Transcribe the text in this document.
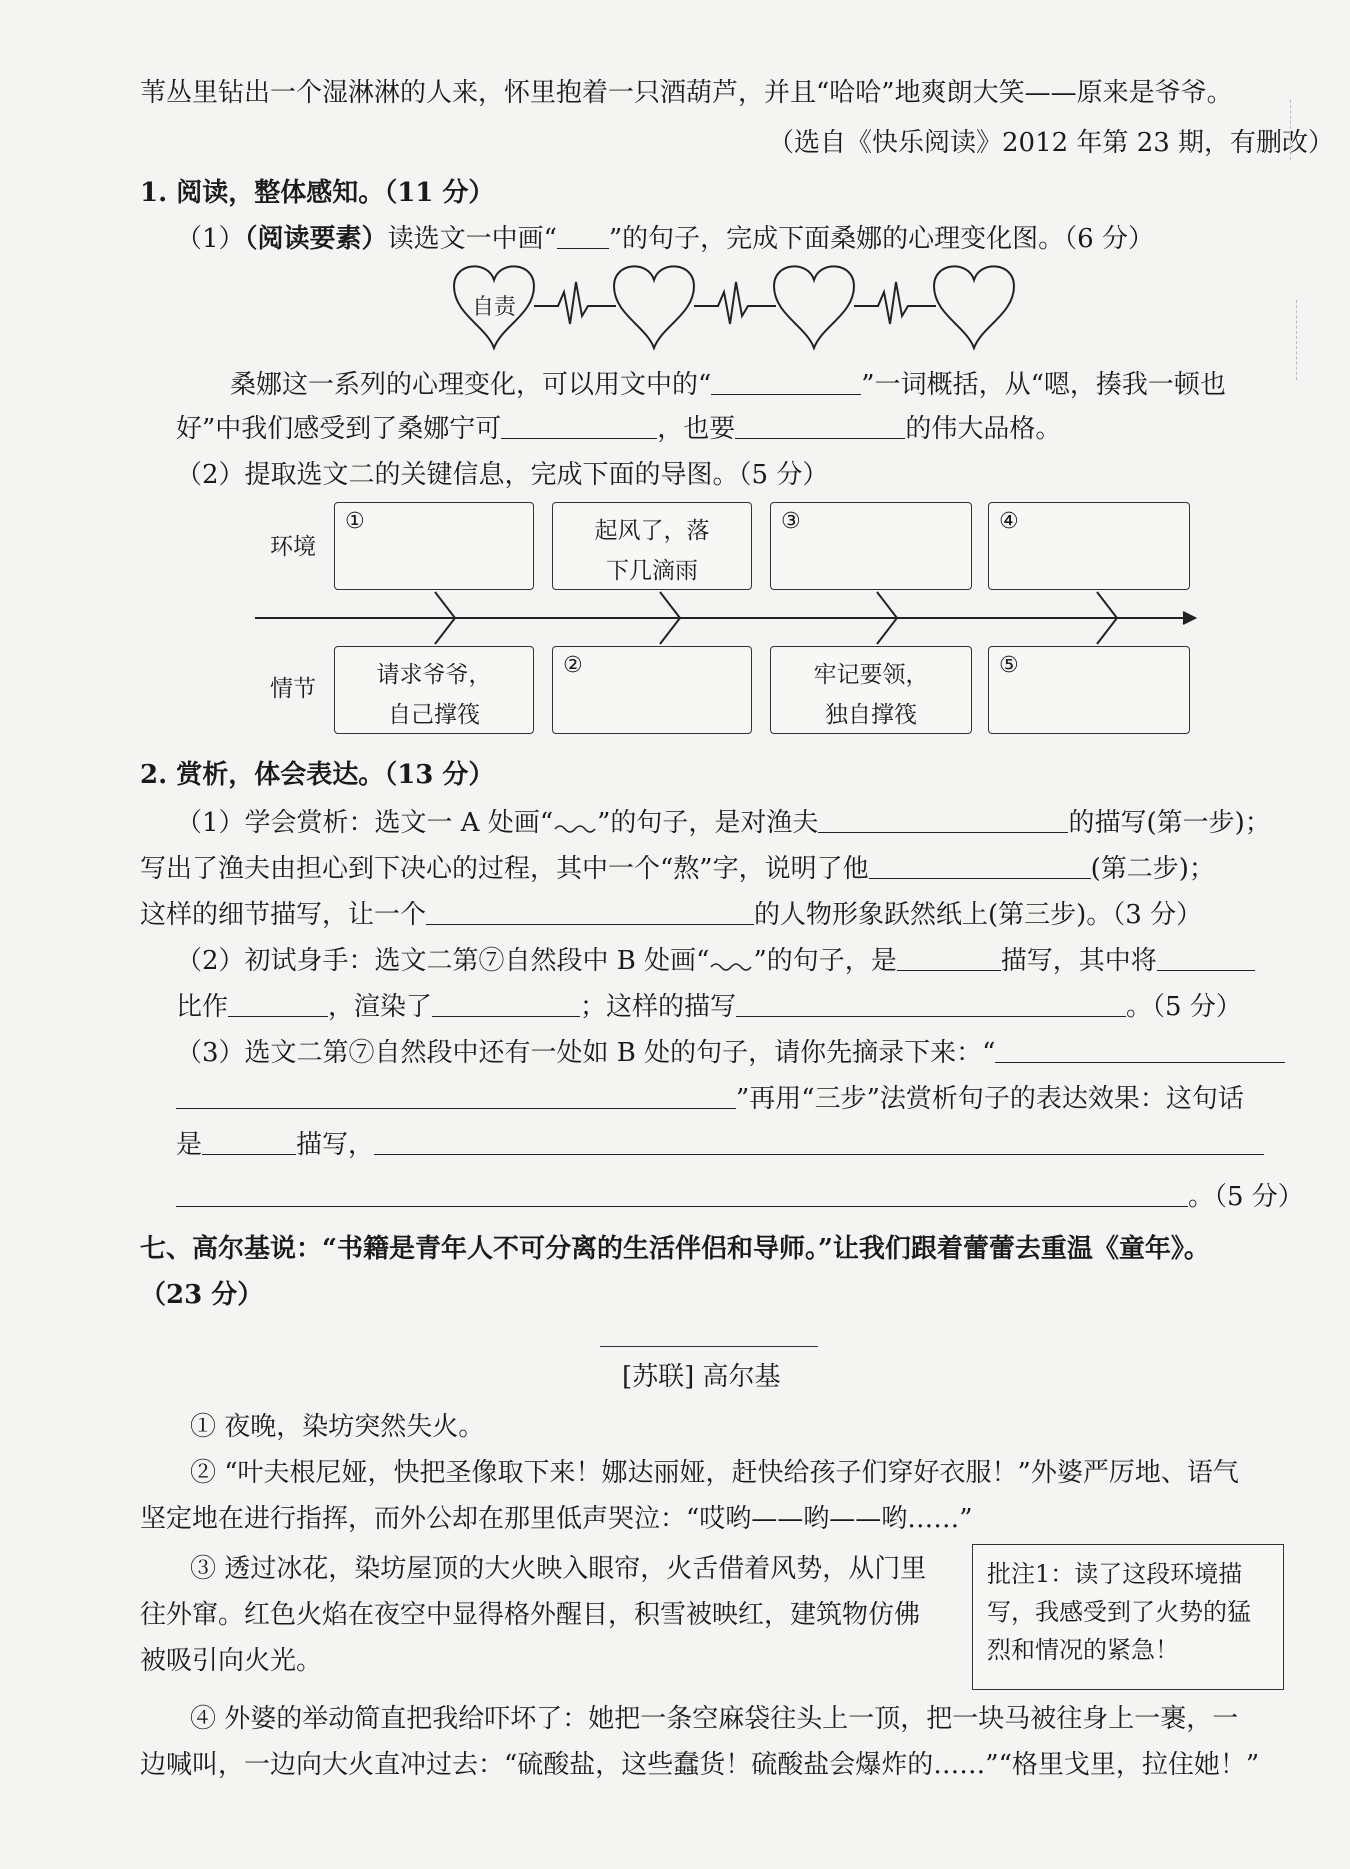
苇丛里钻出一个湿淋淋的人来，怀里抱着一只酒葫芦，并且“哈哈”地爽朗大笑——原来是爷爷。
（选自《快乐阅读》2012 年第 23 期，有删改）
1. 阅读，整体感知。（11 分）
（1）（阅读要素）读选文一中画“ ”的句子，完成下面桑娜的心理变化图。（6 分）
自责
桑娜这一系列的心理变化，可以用文中的“	”一词概括，从“嗯，揍我一顿也
好”中我们感受到了桑娜宁可	，也要	的伟大品格。
（2）提取选文二的关键信息，完成下面的导图。（5 分）
环境
情节
①	起风了，落
下几滴雨
③	④
请求爷爷，
自己撑筏
②	牢记要领，
独自撑筏
⑤
2. 赏析，体会表达。（13 分）
（1）学会赏析：选文一 A 处画“ ”的句子，是对渔夫	的描写(第一步)；
写出了渔夫由担心到下决心的过程，其中一个“熬”字，说明了他	(第二步)；
这样的细节描写，让一个	的人物形象跃然纸上(第三步)。（3 分）
（2）初试身手：选文二第⑦自然段中 B 处画“ ”的句子，是	描写，其中将
比作	，渲染了	；这样的描写	。（5 分）
（3）选文二第⑦自然段中还有一处如 B 处的句子，请你先摘录下来：“
”再用“三步”法赏析句子的表达效果：这句话
是	描写，
。（5 分）
七、高尔基说：“书籍是青年人不可分离的生活伴侣和导师。”让我们跟着蕾蕾去重温《童年》。
（23 分）
[苏联] 高尔基
① 夜晚，染坊突然失火。
② “叶夫根尼娅，快把圣像取下来！娜达丽娅，赶快给孩子们穿好衣服！”外婆严厉地、语气
坚定地在进行指挥，而外公却在那里低声哭泣：“哎哟——哟——哟……”
③ 透过冰花，染坊屋顶的大火映入眼帘，火舌借着风势，从门里
往外窜。红色火焰在夜空中显得格外醒目，积雪被映红，建筑物仿佛
被吸引向火光。
批注1：读了这段环境描写，我感受到了火势的猛烈和情况的紧急！
④ 外婆的举动简直把我给吓坏了：她把一条空麻袋往头上一顶，把一块马被往身上一裹，一
边喊叫，一边向大火直冲过去：“硫酸盐，这些蠢货！硫酸盐会爆炸的……”“格里戈里，拉住她！”
